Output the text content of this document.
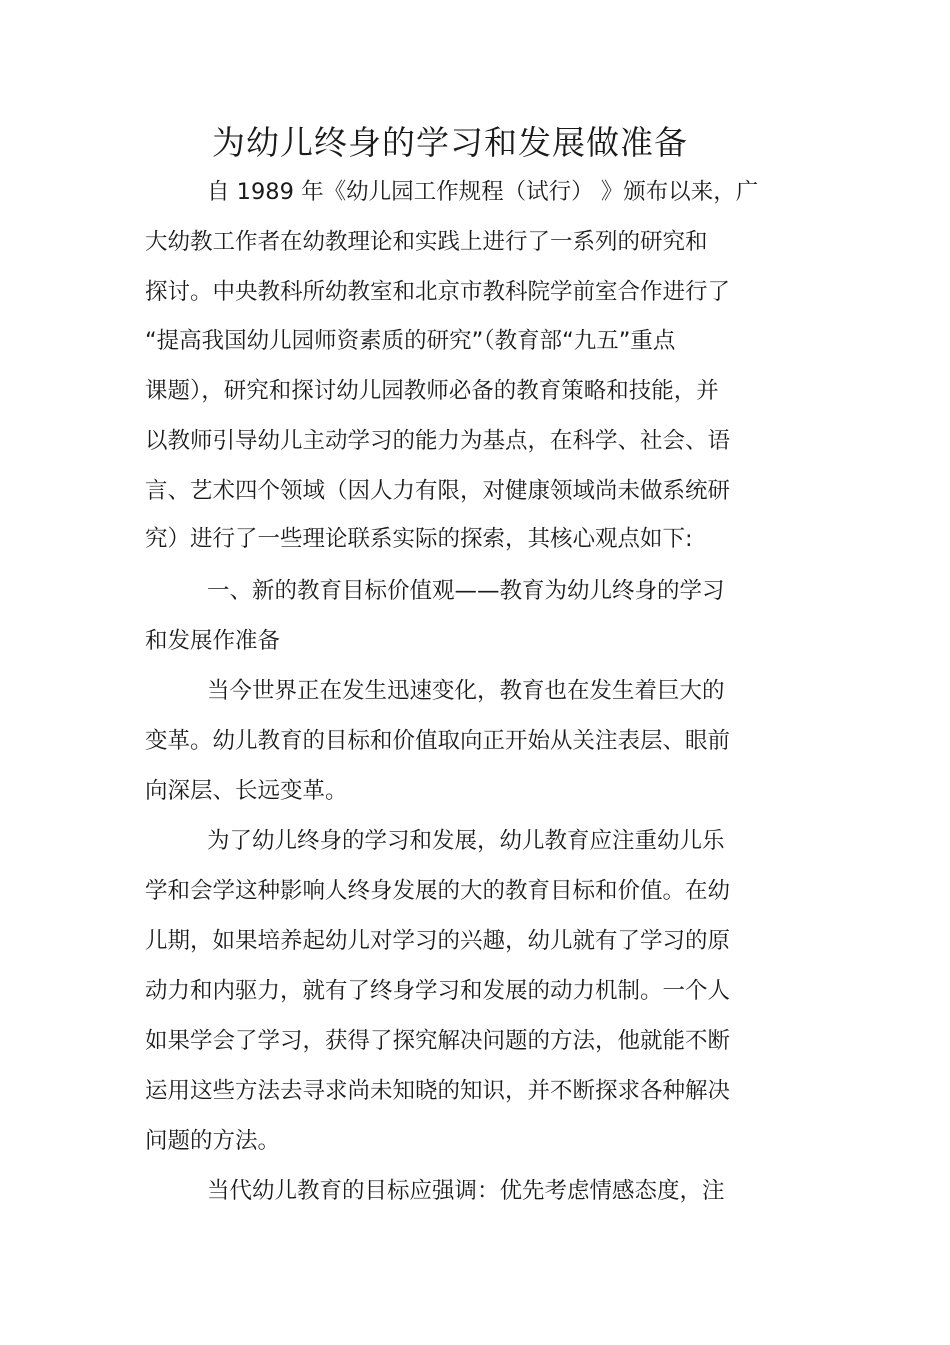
为幼儿终身的学习和发展做准备

自 1989 年《幼儿园工作规程（试行） 》颁布以来，广

大幼教工作者在幼教理论和实践上进行了一系列的研究和

探讨。中央教科所幼教室和北京市教科院学前室合作进行了

“提高我国幼儿园师资素质的研究”（教育部“九五”重点

课题），研究和探讨幼儿园教师必备的教育策略和技能，并

以教师引导幼儿主动学习的能力为基点，在科学、社会、语

言、艺术四个领域（因人力有限，对健康领域尚未做系统研

究）进行了一些理论联系实际的探索，其核心观点如下:

一、新的教育目标价值观——教育为幼儿终身的学习

和发展作准备

当今世界正在发生迅速变化，教育也在发生着巨大的

变革。幼儿教育的目标和价值取向正开始从关注表层、眼前

向深层、长远变革。

为了幼儿终身的学习和发展，幼儿教育应注重幼儿乐

学和会学这种影响人终身发展的大的教育目标和价值。在幼

儿期，如果培养起幼儿对学习的兴趣，幼儿就有了学习的原

动力和内驱力，就有了终身学习和发展的动力机制。一个人

如果学会了学习，获得了探究解决问题的方法，他就能不断

运用这些方法去寻求尚未知晓的知识，并不断探求各种解决

问题的方法。

当代幼儿教育的目标应强调：优先考虑情感态度，注
